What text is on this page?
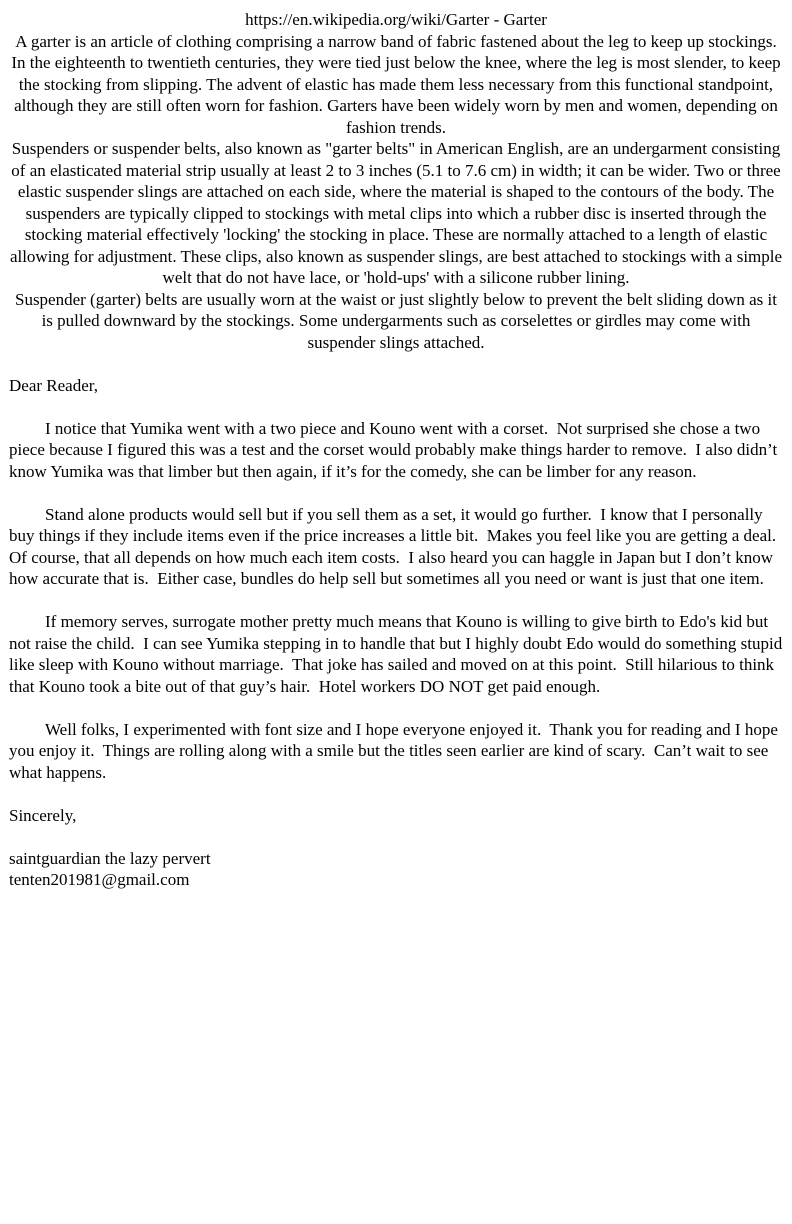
https://en.wikipedia.org/wiki/Garter - Garter

A garter is an article of clothing comprising a narrow band of fabric fastened about the leg to keep up stockings. In the eighteenth to twentieth centuries, they were tied just below the knee, where the leg is most slender, to keep the stocking from slipping. The advent of elastic has made them less necessary from this functional standpoint, although they are still often worn for fashion. Garters have been widely worn by men and women, depending on fashion trends.

Suspenders or suspender belts, also known as "garter belts" in American English, are an undergarment consisting of an elasticated material strip usually at least 2 to 3 inches (5.1 to 7.6 cm) in width; it can be wider. Two or three elastic suspender slings are attached on each side, where the material is shaped to the contours of the body. The suspenders are typically clipped to stockings with metal clips into which a rubber disc is inserted through the stocking material effectively 'locking' the stocking in place. These are normally attached to a length of elastic allowing for adjustment. These clips, also known as suspender slings, are best attached to stockings with a simple welt that do not have lace, or 'hold-ups' with a silicone rubber lining.

Suspender (garter) belts are usually worn at the waist or just slightly below to prevent the belt sliding down as it is pulled downward by the stockings. Some undergarments such as corselettes or girdles may come with suspender slings attached.

Dear Reader,

I notice that Yumika went with a two piece and Kouno went with a corset.  Not surprised she chose a two piece because I figured this was a test and the corset would probably make things harder to remove.  I also didn’t know Yumika was that limber but then again, if it’s for the comedy, she can be limber for any reason.

Stand alone products would sell but if you sell them as a set, it would go further.  I know that I personally buy things if they include items even if the price increases a little bit.  Makes you feel like you are getting a deal.  Of course, that all depends on how much each item costs.  I also heard you can haggle in Japan but I don’t know how accurate that is.  Either case, bundles do help sell but sometimes all you need or want is just that one item.

If memory serves, surrogate mother pretty much means that Kouno is willing to give birth to Edo's kid but not raise the child.  I can see Yumika stepping in to handle that but I highly doubt Edo would do something stupid like sleep with Kouno without marriage.  That joke has sailed and moved on at this point.  Still hilarious to think that Kouno took a bite out of that guy’s hair.  Hotel workers DO NOT get paid enough.

Well folks, I experimented with font size and I hope everyone enjoyed it.  Thank you for reading and I hope you enjoy it.  Things are rolling along with a smile but the titles seen earlier are kind of scary.  Can’t wait to see what happens.

Sincerely,

saintguardian the lazy pervert

tenten201981@gmail.com
